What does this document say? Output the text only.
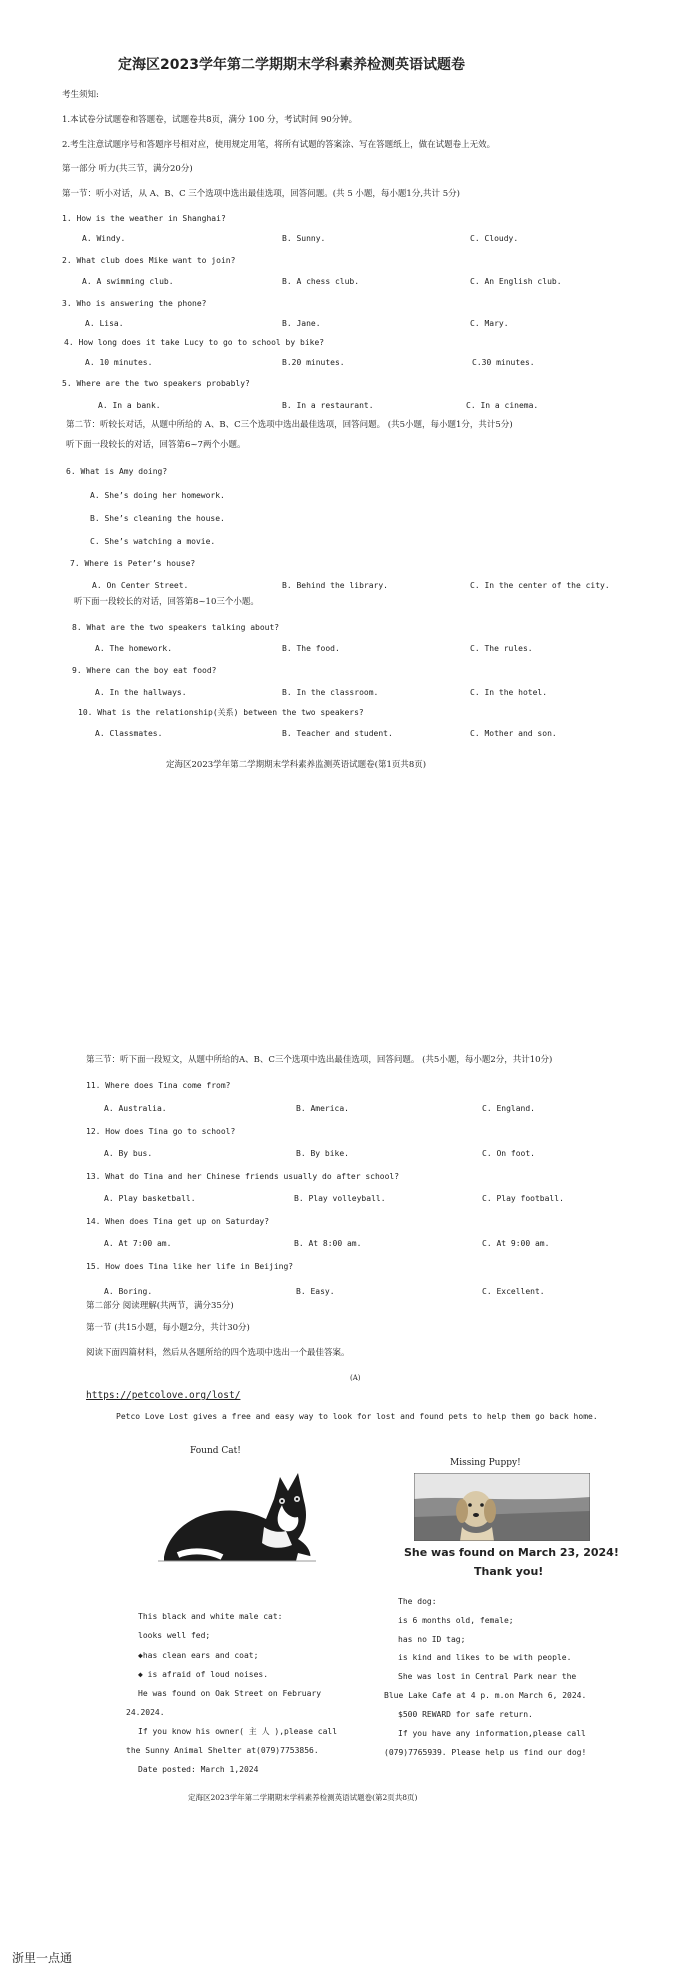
定海区2023学年第二学期期末学科素养检测英语试题卷
考生须知:
1.本试卷分试题卷和答题卷，试题卷共8页，满分 100 分，考试时间 90分钟。
2.考生注意试题序号和答题序号相对应，使用规定用笔，将所有试题的答案涂、写在答题纸上，做在试题卷上无效。
第一部分 听力(共三节，满分20分)
第一节：听小对话，从 A、B、C 三个选项中选出最佳选项，回答问题。(共 5 小题，每小题1分,共计 5分)
1. How is the weather in Shanghai?
A. Windy.	B. Sunny.	C. Cloudy.
2. What club does Mike want to join?
A. A swimming club.	B. A chess club.	C. An English club.
3. Who is answering the phone?
A. Lisa.	B. Jane.	C. Mary.
4. How long does it take Lucy to go to school by bike?
A. 10 minutes.	B.20 minutes.	C.30 minutes.
5. Where are the two speakers probably?
A. In a bank.	B. In a restaurant.	C. In a cinema.
第二节：听较长对话，从题中所给的 A、B、C三个选项中选出最佳选项，回答问题。 (共5小题，每小题1分，共计5分)
听下面一段较长的对话，回答第6~7两个小题。
6. What is Amy doing?
A. She’s doing her homework.
B. She’s cleaning the house.
C. She’s watching a movie.
7. Where is Peter’s house?
A. On Center Street.	B. Behind the library.	C. In the center of the city.
听下面一段较长的对话，回答第8~10三个小题。
8. What are the two speakers talking about?
A. The homework.	B. The food.	C. The rules.
9. Where can the boy eat food?
A. In the hallways.	B. In the classroom.	C. In the hotel.
10. What is the relationship(关系) between the two speakers?
A. Classmates.	B. Teacher and student.	C. Mother and son.
定海区2023学年第二学期期末学科素养监测英语试题卷(第1页共8页)
第三节：听下面一段短文，从题中所给的A、B、C三个选项中选出最佳选项，回答问题。 (共5小题，每小题2分，共计10分)
11. Where does Tina come from?
A. Australia.	B. America.	C. England.
12. How does Tina go to school?
A. By bus.	B. By bike.	C. On foot.
13. What do Tina and her Chinese friends usually do after school?
A. Play basketball.	B. Play volleyball.	C. Play football.
14. When does Tina get up on Saturday?
A. At 7:00 am.	B. At 8:00 am.	C. At 9:00 am.
15. How does Tina like her life in Beijing?
A. Boring.	B. Easy.	C. Excellent.
第二部分 阅读理解(共两节，满分35分)
第一节 (共15小题，每小题2分，共计30分)
阅读下面四篇材料，然后从各题所给的四个选项中选出一个最佳答案。
(A)
https://petcolove.org/lost/
Petco Love Lost gives a free and easy way to look for lost and found pets to help them go back home.
Found Cat!
This black and white male cat:
looks well fed;
◆has clean ears and coat;
◆ is afraid of loud noises.
He was found on Oak Street on February
24.2024.
If you know his owner( 主 人 ),please call
the Sunny Animal Shelter at(079)7753856.
Date posted: March 1,2024
Missing Puppy!
She was found on March 23, 2024!
Thank you!
The dog:
is 6 months old, female;
has no ID tag;
is kind and likes to be with people.
She was lost in Central Park near the
Blue Lake Cafe at 4 p. m.on March 6, 2024.
$500 REWARD for safe return.
If you have any information,please call
(079)7765939. Please help us find our dog!
定海区2023学年第二学期期末学科素养检测英语试题卷(第2页共8页)
浙里一点通
